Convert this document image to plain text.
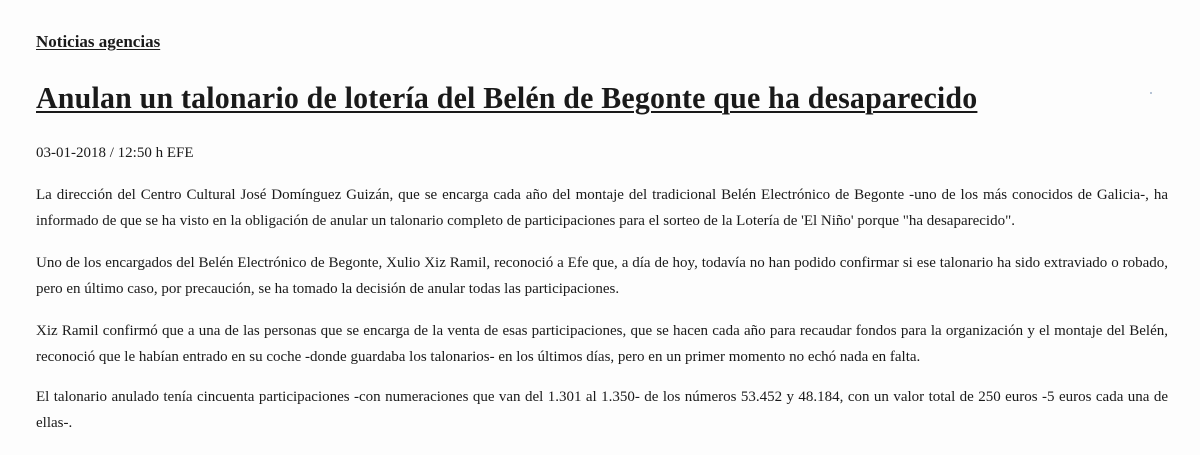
Noticias agencias
Anulan un talonario de lotería del Belén de Begonte que ha desaparecido
03-01-2018 / 12:50 h EFE

La dirección del Centro Cultural José Domínguez Guizán, que se encarga cada año del montaje del tradicional Belén Electrónico de Begonte -uno de los más conocidos de Galicia-, ha informado de que se ha visto en la obligación de anular un talonario completo de participaciones para el sorteo de la Lotería de 'El Niño' porque "ha desaparecido".

Uno de los encargados del Belén Electrónico de Begonte, Xulio Xiz Ramil, reconoció a Efe que, a día de hoy, todavía no han podido confirmar si ese talonario ha sido extraviado o robado, pero en último caso, por precaución, se ha tomado la decisión de anular todas las participaciones.

Xiz Ramil confirmó que a una de las personas que se encarga de la venta de esas participaciones, que se hacen cada año para recaudar fondos para la organización y el montaje del Belén, reconoció que le habían entrado en su coche -donde guardaba los talonarios- en los últimos días, pero en un primer momento no echó nada en falta.

El talonario anulado tenía cincuenta participaciones -con numeraciones que van del 1.301 al 1.350- de los números 53.452 y 48.184, con un valor total de 250 euros -5 euros cada una de ellas-.
